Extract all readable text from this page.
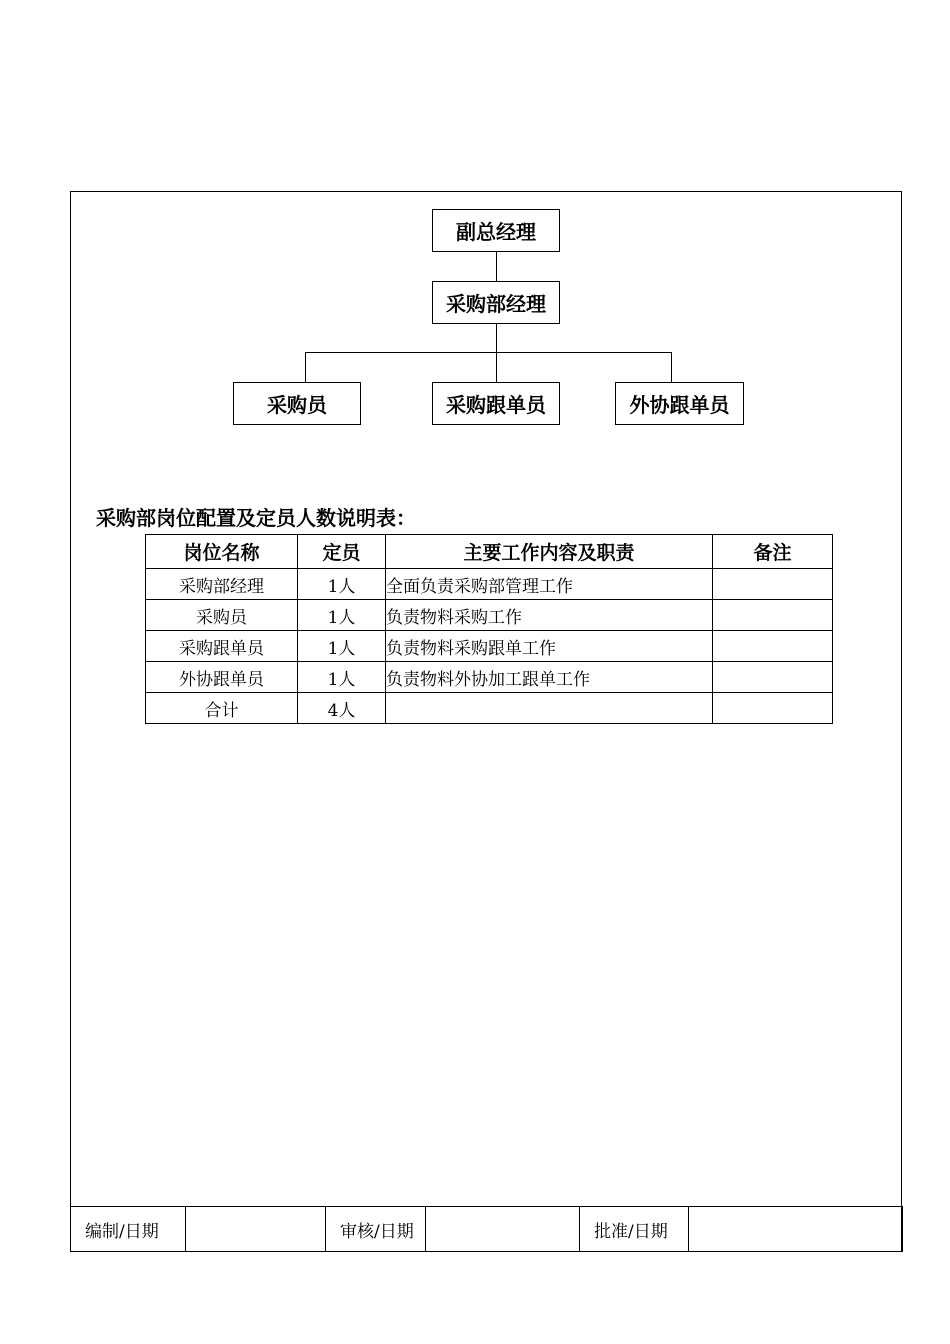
副总经理
采购部经理
采购员	采购跟单员	外协跟单员
采购部岗位配置及定员人数说明表：
岗位名称	定员	主要工作内容及职责	备注
采购部经理	1人	全面负责采购部管理工作	
采购员	1人	负责物料采购工作	
采购跟单员	1人	负责物料采购跟单工作	
外协跟单员	1人	负责物料外协加工跟单工作	
合计	4人		
编制/日期		审核/日期		批准/日期	
